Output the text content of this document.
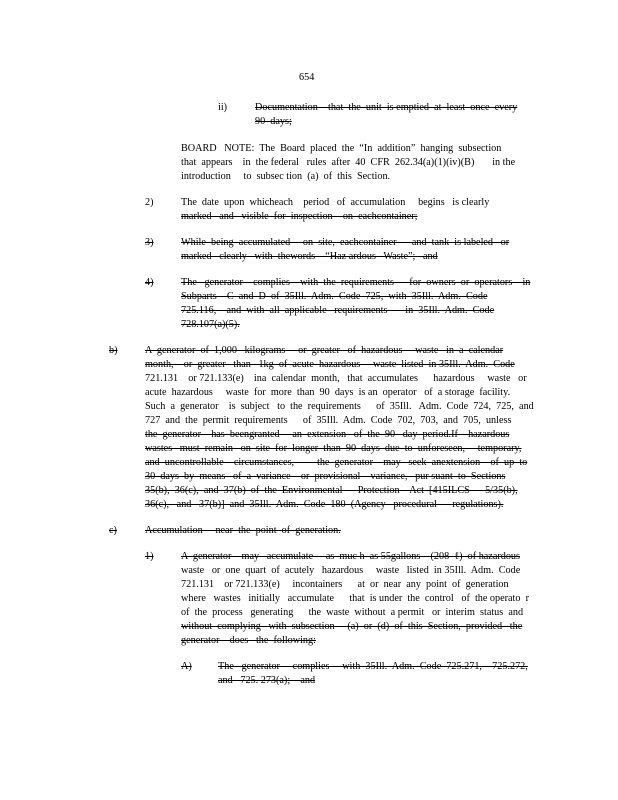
654
ii)	Documentation    that  the  unit  is emptied  at  least  once  every
90  days;
BOARD   NOTE:  The  Board  placed  the  “In  addition”  hanging  subsection
that  appears    in  the federal   rules  after  40  CFR  262.34(a)(1)(iv)(B)       in the
introduction     to  subsec tion  (a)  of  this  Section.
2)	The  date  upon  whicheach    period   of  accumulation     begins   is clearly
marked   and   visible  for  inspection    on  eachcontainer;
3)	While  being  accumulated     on  site,  eachcontainer      and  tank  is labeled   or
marked   clearly   with  thewords    “Haz ardous   Waste”;   and
4)	The   generator    complies    with  the  requirements      for  owners  or  operators    in
Subparts    C  and  D  of  35Ill.  Adm.  Code  725,  with  35Ill.  Adm.  Code
725.116,    and  with  all  applicable   requirements       in  35Ill.  Adm.  Code
728.107(a)(5).
b)	A  generator  of  1,000   kilograms     or  greater   of  hazardous     waste   in  a  calendar
month,    or  greater   than   1kg  of  acute  hazardous     waste  listed  in 35Ill.  Adm.  Code
721.131    or 721.133(e)    ina  calendar  month,   that  accumulates      hazardous     waste   or
acute  hazardous     waste  for  more  than  90  days  is an  operator   of  a storage  facility.
Such  a  generator    is  subject   to  the  requirements      of  35Ill.   Adm.  Code  724,  725,  and
727  and  the  permit  requirements      of  35Ill.  Adm.  Code  702,  703,  and  705,  unless
the  generator    has  beengranted     an  extension   of  the  90   day  period.If    hazardous
wastes   must  remain   on  site  for  longer  than  90  days  due  to  unforeseen,     temporary,
and  uncontrollable    circumstances,         the  generator    may   seek  anextension    of  up  to
30  days  by  means   of  a  variance    or  provisional    variance,   pur suant  to  Sections
35(b),  36(c),  and  37(b)  of  the  Environmental      Protection    Act  [415ILCS      5/35(b),
36(c),   and   37(b)]  and  35Ill.  Adm.  Code  180  (Agency   procedural      regulations).
c)	Accumulation     near  the  point  of  generation.
1)	A  generator    may   accumulate     as  muc h  as 55gallons    (208  ℓ)  of hazardous
waste   or  one  quart  of  acutely   hazardous     waste   listed  in 35Ill.  Adm.  Code
721.131    or 721.133(e)     incontainers      at  or  near  any  point  of  generation
where   wastes   initially   accumulate      that  is under  the  control   of  the operato  r
of  the  process   generating      the  waste  without  a permit   or  interim  status  and
without  complying   with  subsection     (a)  or  (d)  of  this  Section,  provided   the
generator    does   the  following:
A)	The   generator     complies     with  35Ill.  Adm.  Code  725.271,    725.272,
and   725. 273(a);    and
